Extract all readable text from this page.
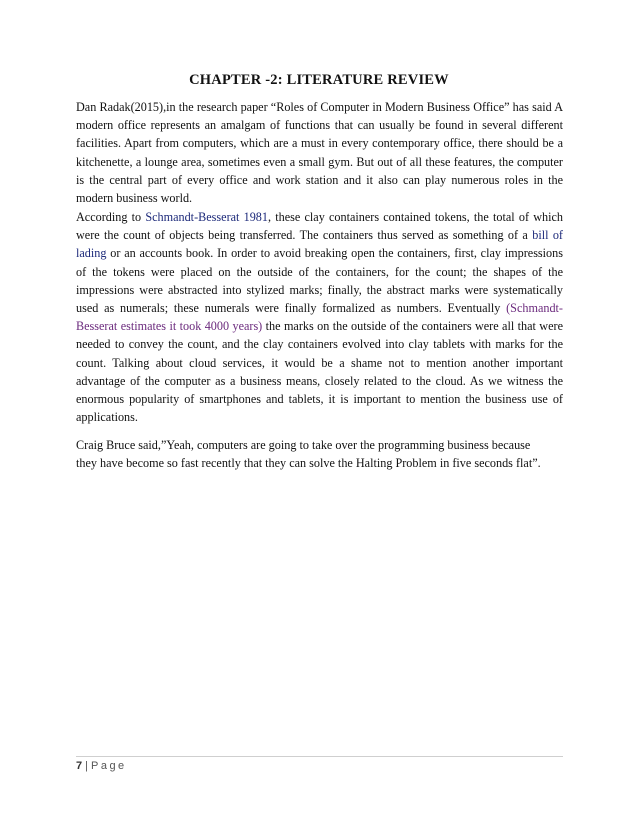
CHAPTER -2: LITERATURE REVIEW

Dan Radak(2015),in the research paper “Roles of Computer in Modern Business Office” has said A modern office represents an amalgam of functions that can usually be found in several different facilities. Apart from computers, which are a must in every contemporary office, there should be a kitchenette, a lounge area, sometimes even a small gym. But out of all these features, the computer is the central part of every office and work station and it also can play numerous roles in the modern business world.

According to Schmandt-Besserat 1981, these clay containers contained tokens, the total of which were the count of objects being transferred. The containers thus served as something of a bill of lading or an accounts book. In order to avoid breaking open the containers, first, clay impressions of the tokens were placed on the outside of the containers, for the count; the shapes of the impressions were abstracted into stylized marks; finally, the abstract marks were systematically used as numerals; these numerals were finally formalized as numbers. Eventually (Schmandt-Besserat estimates it took 4000 years) the marks on the outside of the containers were all that were needed to convey the count, and the clay containers evolved into clay tablets with marks for the count. Talking about cloud services, it would be a shame not to mention another important advantage of the computer as a business means, closely related to the cloud. As we witness the enormous popularity of smartphones and tablets, it is important to mention the business use of applications.

Craig Bruce said,”Yeah, computers are going to take over the programming business because they have become so fast recently that they can solve the Halting Problem in five seconds flat”.

7 | Page
